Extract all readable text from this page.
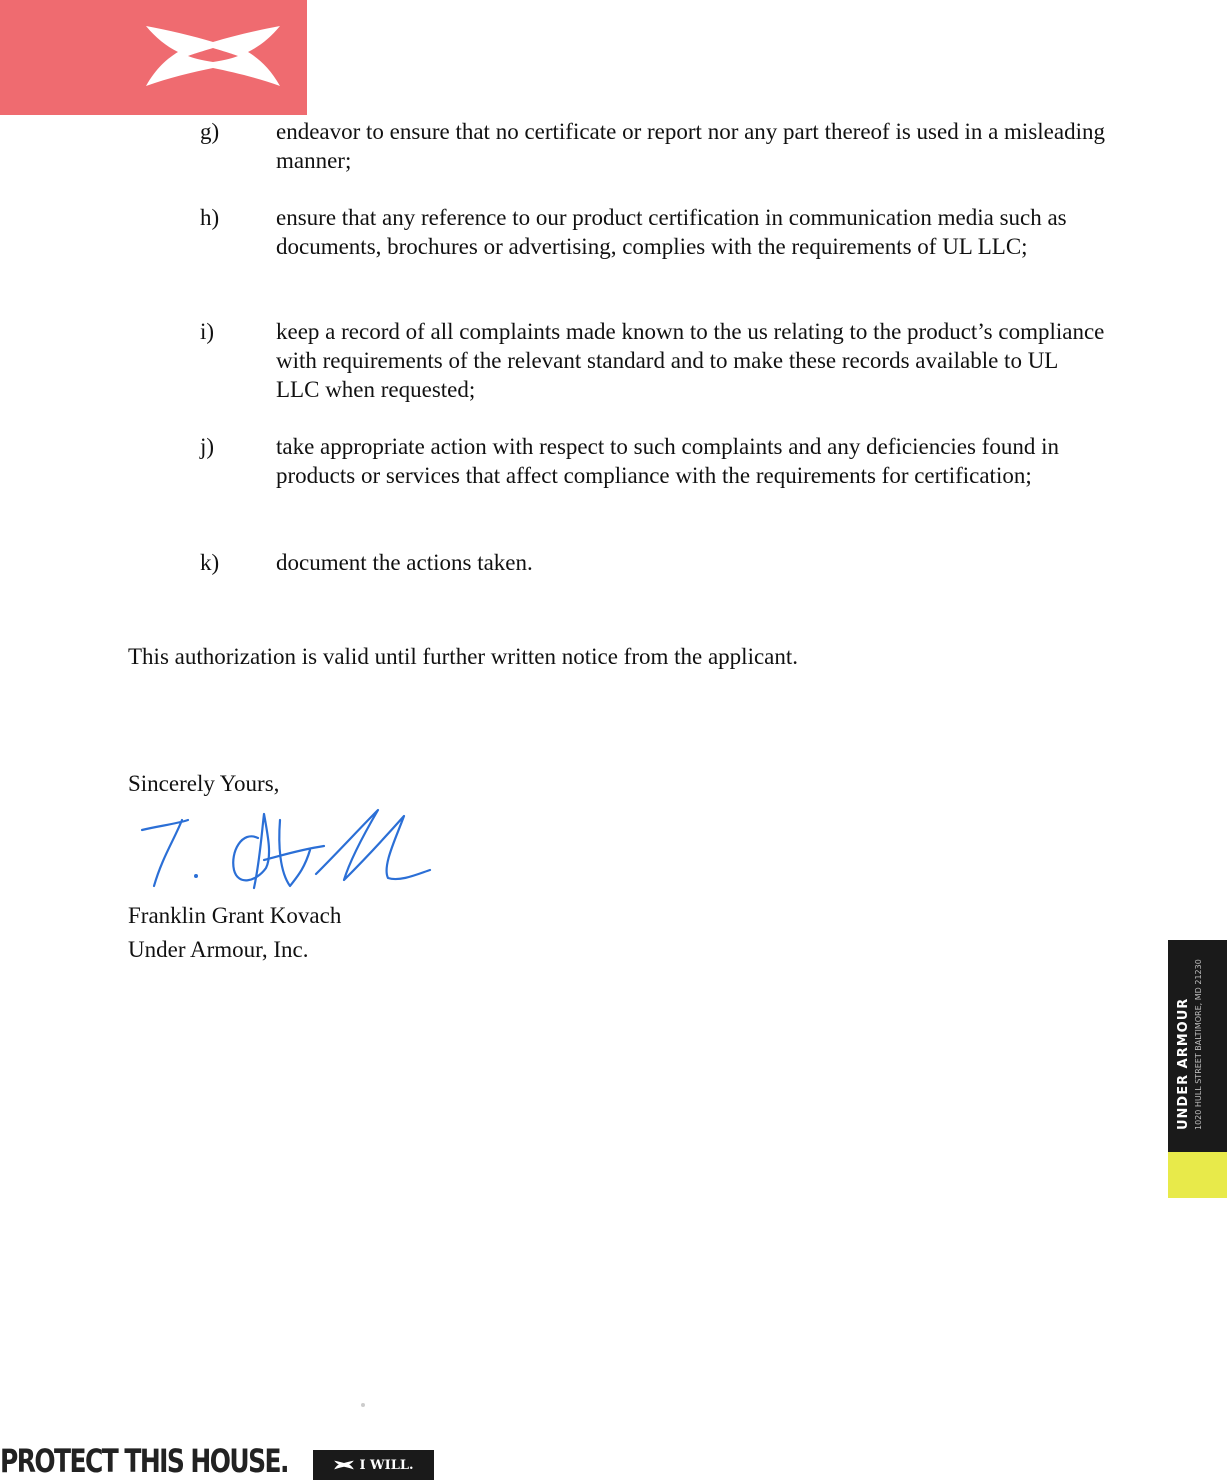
g) endeavor to ensure that no certificate or report nor any part thereof is used in a misleading manner;
h) ensure that any reference to our product certification in communication media such as documents, brochures or advertising, complies with the requirements of UL LLC;
i)	keep a record of all complaints made known to the us relating to the product’s compliance with requirements of the relevant standard and to make these records available to UL LLC when requested;
j)	take appropriate action with respect to such complaints and any deficiencies found in products or services that affect compliance with the requirements for certification;
k) document the actions taken.
This authorization is valid until further written notice from the applicant.
Sincerely Yours,
Franklin Grant Kovach
Under Armour, Inc.
UNDER ARMOUR 1020 HULL STREET BALTIMORE, MD 21230
PROTECT THIS HOUSE.	I WILL.
